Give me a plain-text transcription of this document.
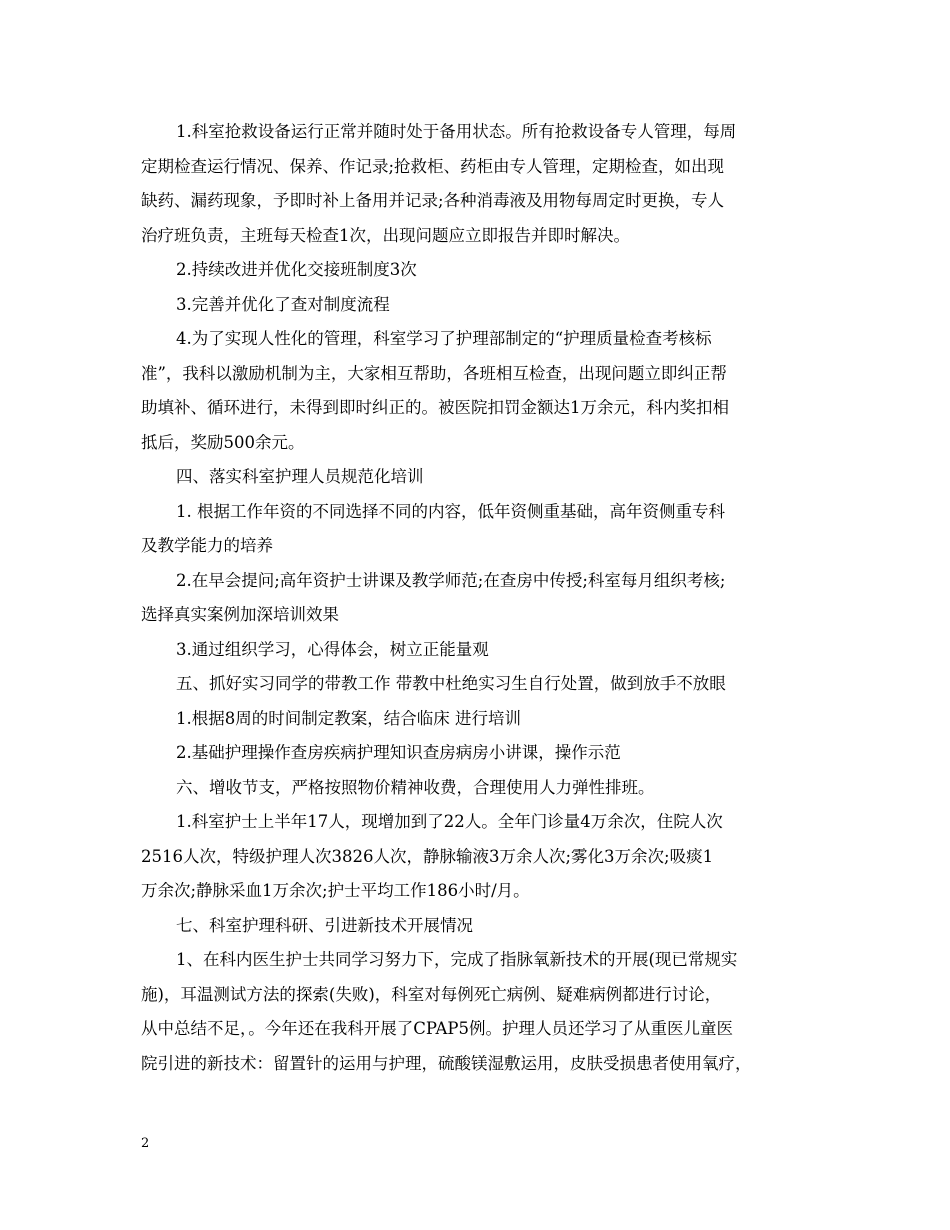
1.科室抢救设备运行正常并随时处于备用状态。所有抢救设备专人管理，每周
定期检查运行情况、保养、作记录;抢救柜、药柜由专人管理，定期检查，如出现
缺药、漏药现象，予即时补上备用并记录;各种消毒液及用物每周定时更换，专人
治疗班负责，主班每天检查1次，出现问题应立即报告并即时解决。
2.持续改进并优化交接班制度3次
3.完善并优化了查对制度流程
4.为了实现人性化的管理，科室学习了护理部制定的“护理质量检查考核标
准”，我科以激励机制为主，大家相互帮助，各班相互检查，出现问题立即纠正帮
助填补、循环进行，未得到即时纠正的。被医院扣罚金额达1万余元，科内奖扣相
抵后，奖励500余元。
四、落实科室护理人员规范化培训
1. 根据工作年资的不同选择不同的内容，低年资侧重基础，高年资侧重专科
及教学能力的培养
2.在早会提问;高年资护士讲课及教学师范;在查房中传授;科室每月组织考核;
选择真实案例加深培训效果
3.通过组织学习，心得体会，树立正能量观
五、抓好实习同学的带教工作 带教中杜绝实习生自行处置，做到放手不放眼
1.根据8周的时间制定教案，结合临床 进行培训
2.基础护理操作查房疾病护理知识查房病房小讲课，操作示范
六、增收节支，严格按照物价精神收费，合理使用人力弹性排班。
1.科室护士上半年17人，现增加到了22人。全年门诊量4万余次，住院人次
2516人次，特级护理人次3826人次，静脉输液3万余人次;雾化3万余次;吸痰1
万余次;静脉采血1万余次;护士平均工作186小时/月。
七、科室护理科研、引进新技术开展情况
1、在科内医生护士共同学习努力下，完成了指脉氧新技术的开展(现已常规实
施)，耳温测试方法的探索(失败)，科室对每例死亡病例、疑难病例都进行讨论，
从中总结不足，。今年还在我科开展了CPAP5例。护理人员还学习了从重医儿童医
院引进的新技术：留置针的运用与护理，硫酸镁湿敷运用，皮肤受损患者使用氧疗，
2
